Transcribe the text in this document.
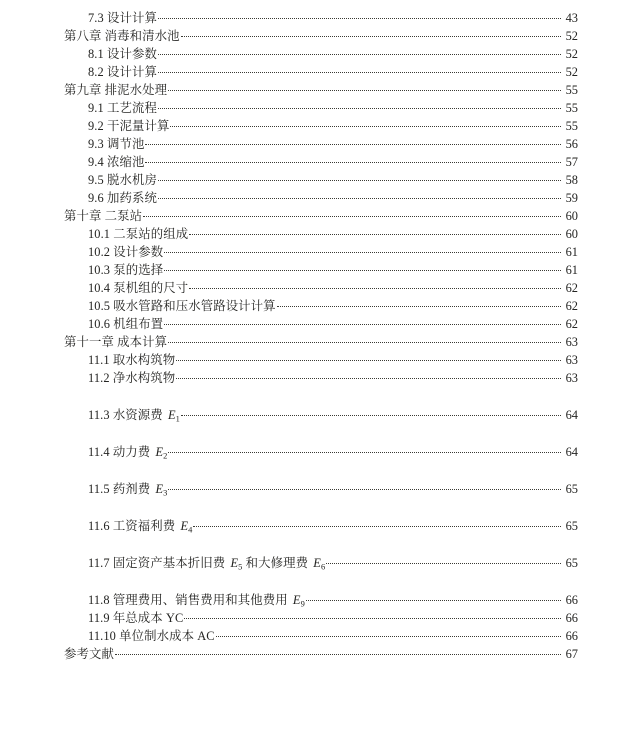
7.3 设计计算	43
第八章 消毒和清水池	52
8.1 设计参数	52
8.2 设计计算	52
第九章 排泥水处理	55
9.1 工艺流程	55
9.2 干泥量计算	55
9.3 调节池	56
9.4 浓缩池	57
9.5 脱水机房	58
9.6 加药系统	59
第十章 二泵站	60
10.1 二泵站的组成	60
10.2 设计参数	61
10.3 泵的选择	61
10.4 泵机组的尺寸	62
10.5 吸水管路和压水管路设计计算	62
10.6 机组布置	62
第十一章 成本计算	63
11.1 取水构筑物	63
11.2 净水构筑物	63
11.3 水资源费 $E_1$	64
11.4 动力费 $E_2$	64
11.5 药剂费 $E_3$	65
11.6 工资福利费 $E_4$	65
11.7 固定资产基本折旧费 $E_5$ 和大修理费 $E_6$	65
11.8 管理费用、销售费用和其他费用 $E_9$	66
11.9 年总成本 YC	66
11.10 单位制水成本 AC	66
参考文献	67
